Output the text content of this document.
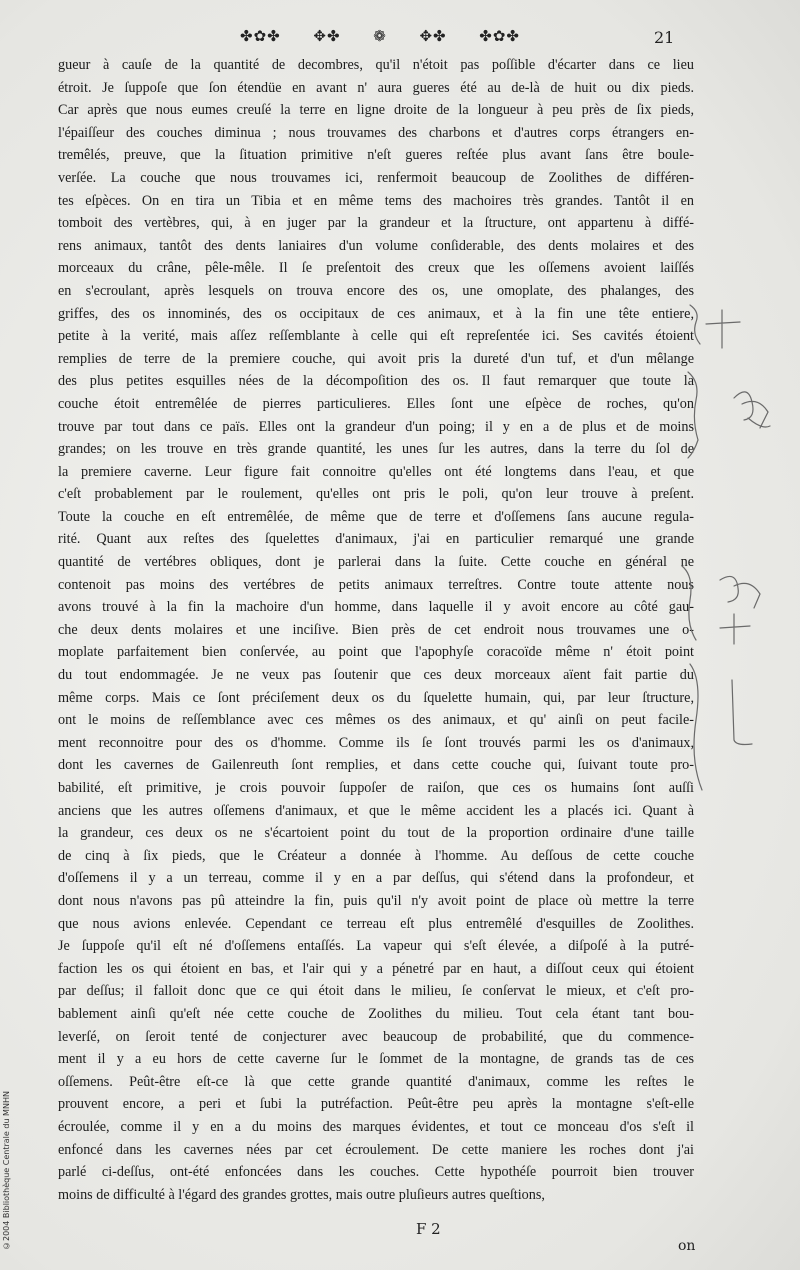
✤✿✤ ✥✤ ❁ ✥✤ ✤✿✤	21
gueur à cauſe de la quantité de decombres, qu'il n'étoit pas poſſible d'écarter dans ce lieu
étroit. Je ſuppoſe que ſon étendüe en avant n' aura gueres été au de-là de huit ou dix pieds.
Car après que nous eumes creuſé la terre en ligne droite de la longueur à peu près de ſix pieds,
l'épaiſſeur des couches diminua ; nous trouvames des charbons et d'autres corps étrangers en-
tremêlés, preuve, que la ſituation primitive n'eſt gueres reſtée plus avant ſans être boule-
verſée. La couche que nous trouvames ici, renfermoit beaucoup de Zoolithes de différen-
tes eſpèces. On en tira un Tibia et en même tems des machoires très grandes. Tantôt il en
tomboit des vertèbres, qui, à en juger par la grandeur et la ſtructure, ont appartenu à diffé-
rens animaux, tantôt des dents laniaires d'un volume conſiderable, des dents molaires et des
morceaux du crâne, pêle-mêle. Il ſe preſentoit des creux que les oſſemens avoient laiſſés
en s'ecroulant, après lesquels on trouva encore des os, une omoplate, des phalanges, des
griffes, des os innominés, des os occipitaux de ces animaux, et à la fin une tête entiere,
petite à la verité, mais aſſez reſſemblante à celle qui eſt repreſentée ici. Ses cavités étoient
remplies de terre de la premiere couche, qui avoit pris la dureté d'un tuf, et d'un mêlange
des plus petites esquilles nées de la décompoſition des os. Il faut remarquer que toute la
couche étoit entremêlée de pierres particulieres. Elles ſont une eſpèce de roches, qu'on
trouve par tout dans ce païs. Elles ont la grandeur d'un poing; il y en a de plus et de moins
grandes; on les trouve en très grande quantité, les unes ſur les autres, dans la terre du ſol de
la premiere caverne. Leur figure fait connoitre qu'elles ont été longtems dans l'eau, et que
c'eſt probablement par le roulement, qu'elles ont pris le poli, qu'on leur trouve à preſent.
Toute la couche en eſt entremêlée, de même que de terre et d'oſſemens ſans aucune regula-
rité. Quant aux reſtes des ſquelettes d'animaux, j'ai en particulier remarqué une grande
quantité de vertébres obliques, dont je parlerai dans la ſuite. Cette couche en général ne
contenoit pas moins des vertébres de petits animaux terreſtres. Contre toute attente nous
avons trouvé à la fin la machoire d'un homme, dans laquelle il y avoit encore au côté gau-
che deux dents molaires et une inciſive. Bien près de cet endroit nous trouvames une o-
moplate parfaitement bien conſervée, au point que l'apophyſe coracoïde même n' étoit point
du tout endommagée. Je ne veux pas ſoutenir que ces deux morceaux aïent fait partie du
même corps. Mais ce ſont préciſement deux os du ſquelette humain, qui, par leur ſtructure,
ont le moins de reſſemblance avec ces mêmes os des animaux, et qu' ainſi on peut facile-
ment reconnoitre pour des os d'homme. Comme ils ſe ſont trouvés parmi les os d'animaux,
dont les cavernes de Gailenreuth ſont remplies, et dans cette couche qui, ſuivant toute pro-
babilité, eſt primitive, je crois pouvoir ſuppoſer de raiſon, que ces os humains ſont auſſi
anciens que les autres oſſemens d'animaux, et que le même accident les a placés ici. Quant à
la grandeur, ces deux os ne s'écartoient point du tout de la proportion ordinaire d'une taille
de cinq à ſix pieds, que le Créateur a donnée à l'homme. Au deſſous de cette couche
d'oſſemens il y a un terreau, comme il y en a par deſſus, qui s'étend dans la profondeur, et
dont nous n'avons pas pû atteindre la fin, puis qu'il n'y avoit point de place où mettre la terre
que nous avions enlevée. Cependant ce terreau eſt plus entremêlé d'esquilles de Zoolithes.
Je ſuppoſe qu'il eſt né d'oſſemens entaſſés. La vapeur qui s'eſt élevée, a diſpoſé à la putré-
faction les os qui étoient en bas, et l'air qui y a pénetré par en haut, a diſſout ceux qui étoient
par deſſus; il falloit donc que ce qui étoit dans le milieu, ſe conſervat le mieux, et c'eſt pro-
bablement ainſi qu'eſt née cette couche de Zoolithes du milieu. Tout cela étant tant bou-
leverſé, on ſeroit tenté de conjecturer avec beaucoup de probabilité, que du commence-
ment il y a eu hors de cette caverne ſur le ſommet de la montagne, de grands tas de ces
oſſemens. Peût-être eſt-ce là que cette grande quantité d'animaux, comme les reſtes le
prouvent encore, a peri et ſubi la putréfaction. Peût-être peu après la montagne s'eſt-elle
écroulée, comme il y en a du moins des marques évidentes, et tout ce monceau d'os s'eſt il
enfoncé dans les cavernes nées par cet écroulement. De cette maniere les roches dont j'ai
parlé ci-deſſus, ont-été enfoncées dans les couches. Cette hypothéſe pourroit bien trouver
moins de difficulté à l'égard des grandes grottes, mais outre pluſieurs autres queſtions,
F 2
on
©2004 Bibliothèque Centrale du MNHN
